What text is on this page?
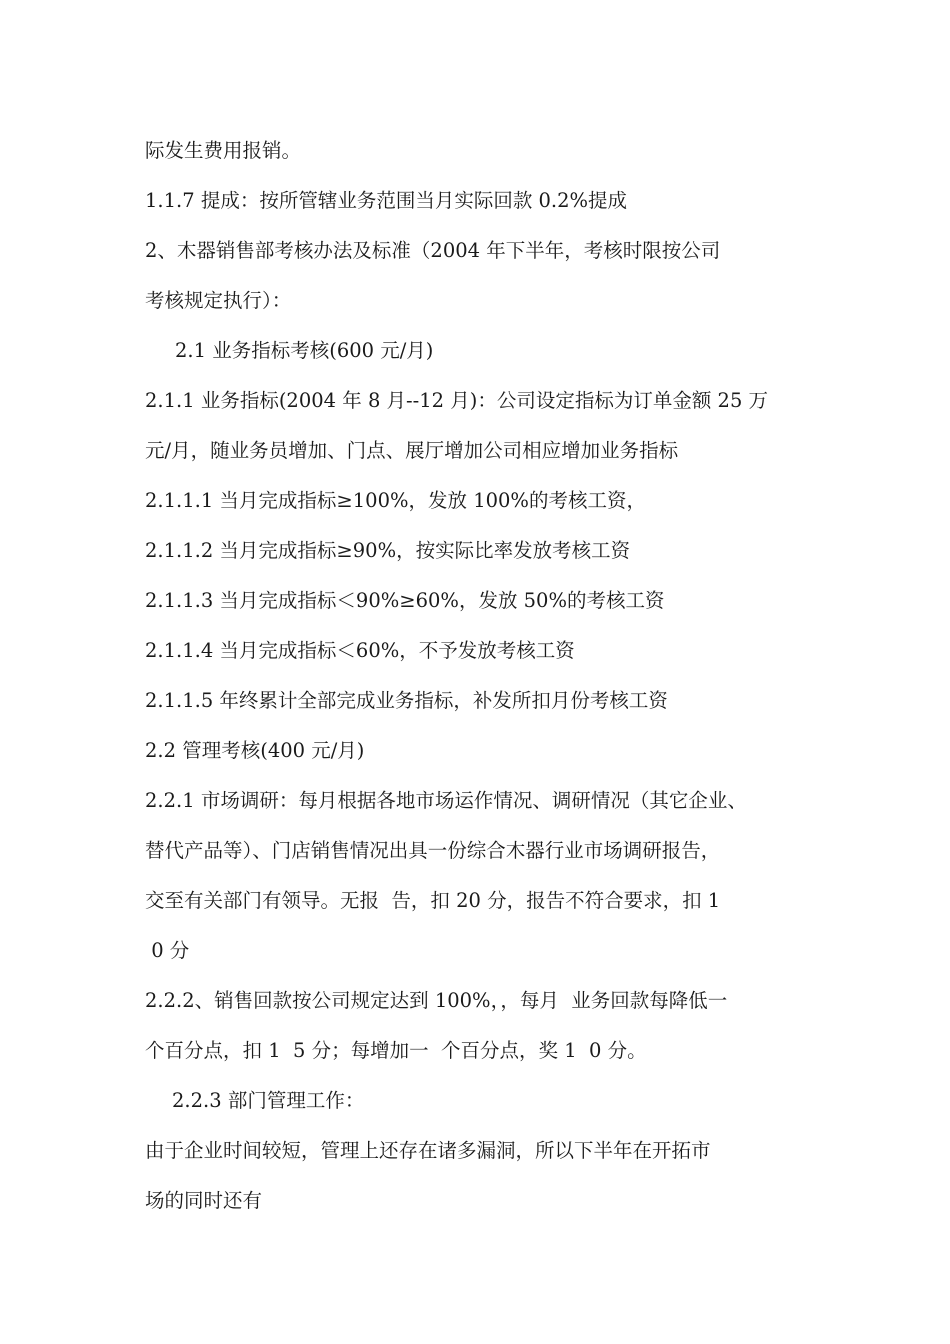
际发生费用报销。
1.1.7 提成：按所管辖业务范围当月实际回款 0.2%提成
2、木器销售部考核办法及标准（2004 年下半年，考核时限按公司
考核规定执行）：
2.1 业务指标考核(600 元/月)
2.1.1 业务指标(2004 年 8 月--12 月)：公司设定指标为订单金额 25 万
元/月，随业务员增加、门点、展厅增加公司相应增加业务指标
2.1.1.1 当月完成指标≥100%，发放 100%的考核工资，
2.1.1.2 当月完成指标≥90%，按实际比率发放考核工资
2.1.1.3 当月完成指标＜90%≥60%，发放 50%的考核工资
2.1.1.4 当月完成指标＜60%，不予发放考核工资
2.1.1.5 年终累计全部完成业务指标，补发所扣月份考核工资
2.2 管理考核(400 元/月)
2.2.1 市场调研：每月根据各地市场运作情况、调研情况（其它企业、
替代产品等）、门店销售情况出具一份综合木器行业市场调研报告，
交至有关部门有领导。无报  告，扣 20 分，报告不符合要求，扣 1
0 分
2.2.2、销售回款按公司规定达到 100%，，每月  业务回款每降低一
个百分点，扣 1  5 分；每增加一  个百分点，奖 1  0 分。
2.2.3 部门管理工作：
由于企业时间较短，管理上还存在诸多漏洞，所以下半年在开拓市
场的同时还有
